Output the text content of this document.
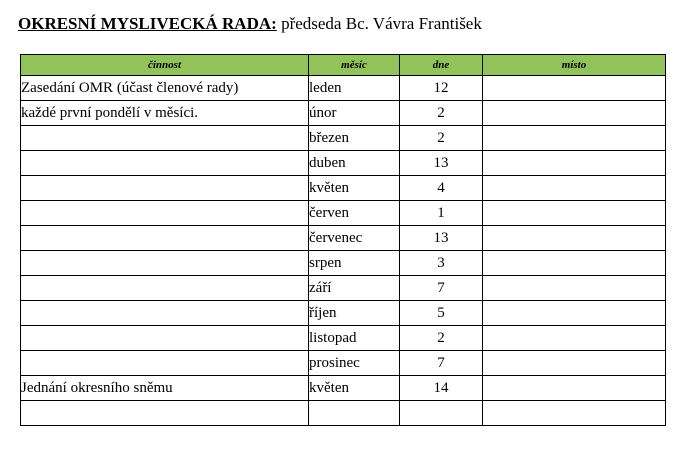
OKRESNÍ MYSLIVECKÁ RADA: předseda Bc. Vávra František
činnost	měsíc	dne	místo
Zasedání OMR (účast členové rady)	leden	12	
každé první pondělí v měsíci.	únor	2	
	březen	2	
	duben	13	
	květen	4	
	červen	1	
	červenec	13	
	srpen	3	
	září	7	
	říjen	5	
	listopad	2	
	prosinec	7	
Jednání okresního sněmu	květen	14	
